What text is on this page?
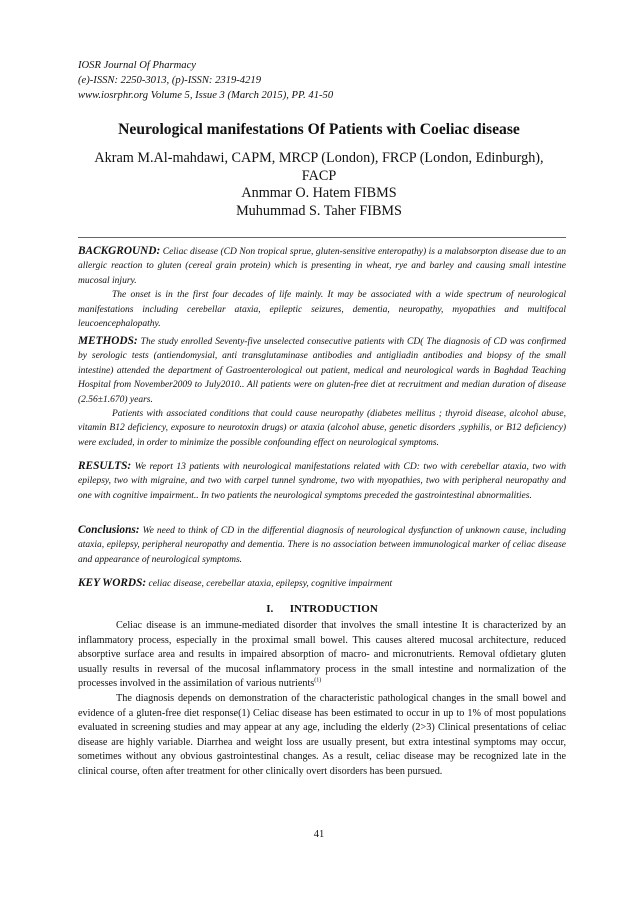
IOSR Journal Of Pharmacy
(e)-ISSN: 2250-3013, (p)-ISSN: 2319-4219
www.iosrphr.org Volume 5, Issue 3 (March 2015), PP. 41-50
Neurological manifestations Of Patients with Coeliac disease
Akram M.Al-mahdawi, CAPM, MRCP (London), FRCP (London, Edinburgh),
FACP
Anmmar O. Hatem FIBMS
Muhummad S. Taher FIBMS

BACKGROUND: Celiac disease (CD Non tropical sprue, gluten-sensitive enteropathy) is a malabsorpton disease due to an allergic reaction to gluten (cereal grain protein) which is presenting in wheat, rye and barley and causing small intestine mucosal injury.

The onset is in the first four decades of life mainly. It may be associated with a wide spectrum of neurological manifestations including cerebellar ataxia, epileptic seizures, dementia, neuropathy, myopathies and multifocal leucoencephalopathy.

METHODS: The study enrolled Seventy-five unselected consecutive patients with CD( The diagnosis of CD was confirmed by serologic tests (antiendomysial, anti transglutaminase antibodies and antigliadin antibodies and biopsy of the small intestine) attended the department of Gastroenterological out patient, medical and neurological wards in Baghdad Teaching Hospital from November2009 to July2010.. All patients were on gluten-free diet at recruitment and median duration of disease (2.56±1.670) years.

Patients with associated conditions that could cause neuropathy (diabetes mellitus ; thyroid disease, alcohol abuse, vitamin B12 deficiency, exposure to neurotoxin drugs) or ataxia (alcohol abuse, genetic disorders ,syphilis, or B12 deficiency) were excluded, in order to minimize the possible confounding effect on neurological symptoms.

RESULTS: We report 13 patients with neurological manifestations related with CD: two with cerebellar ataxia, two with epilepsy, two with migraine, and two with carpel tunnel syndrome, two with myopathies, two with peripheral neuropathy and one with cognitive impairment.. In two patients the neurological symptoms preceded the gastrointestinal abnormalities.

Conclusions: We need to think of CD in the differential diagnosis of neurological dysfunction of unknown cause, including ataxia, epilepsy, peripheral neuropathy and dementia. There is no association between immunological marker of celiac disease and appearance of neurological symptoms.

KEY WORDS: celiac disease, cerebellar ataxia, epilepsy, cognitive impairment

I.      INTRODUCTION

Celiac disease is an immune-mediated disorder that involves the small intestine It is characterized by an inflammatory process, especially in the proximal small bowel. This causes altered mucosal architecture, reduced absorptive surface area and results in impaired absorption of macro- and micronutrients. Removal ofdietary gluten usually results in reversal of the mucosal inflammatory process in the small intestine and normalization of the processes involved in the assimilation of various nutrients$^{(1)}$

The diagnosis depends on demonstration of the characteristic pathological changes in the small bowel and evidence of a gluten-free diet response(1) Celiac disease has been estimated to occur in up to 1% of most populations evaluated in screening studies and may appear at any age, including the elderly (2>3) Clinical presentations of celiac disease are highly variable. Diarrhea and weight loss are usually present, but extra intestinal symptoms may occur, sometimes without any obvious gastrointestinal changes. As a result, celiac disease may be recognized late in the clinical course, often after treatment for other clinically overt disorders has been pursued.

41
